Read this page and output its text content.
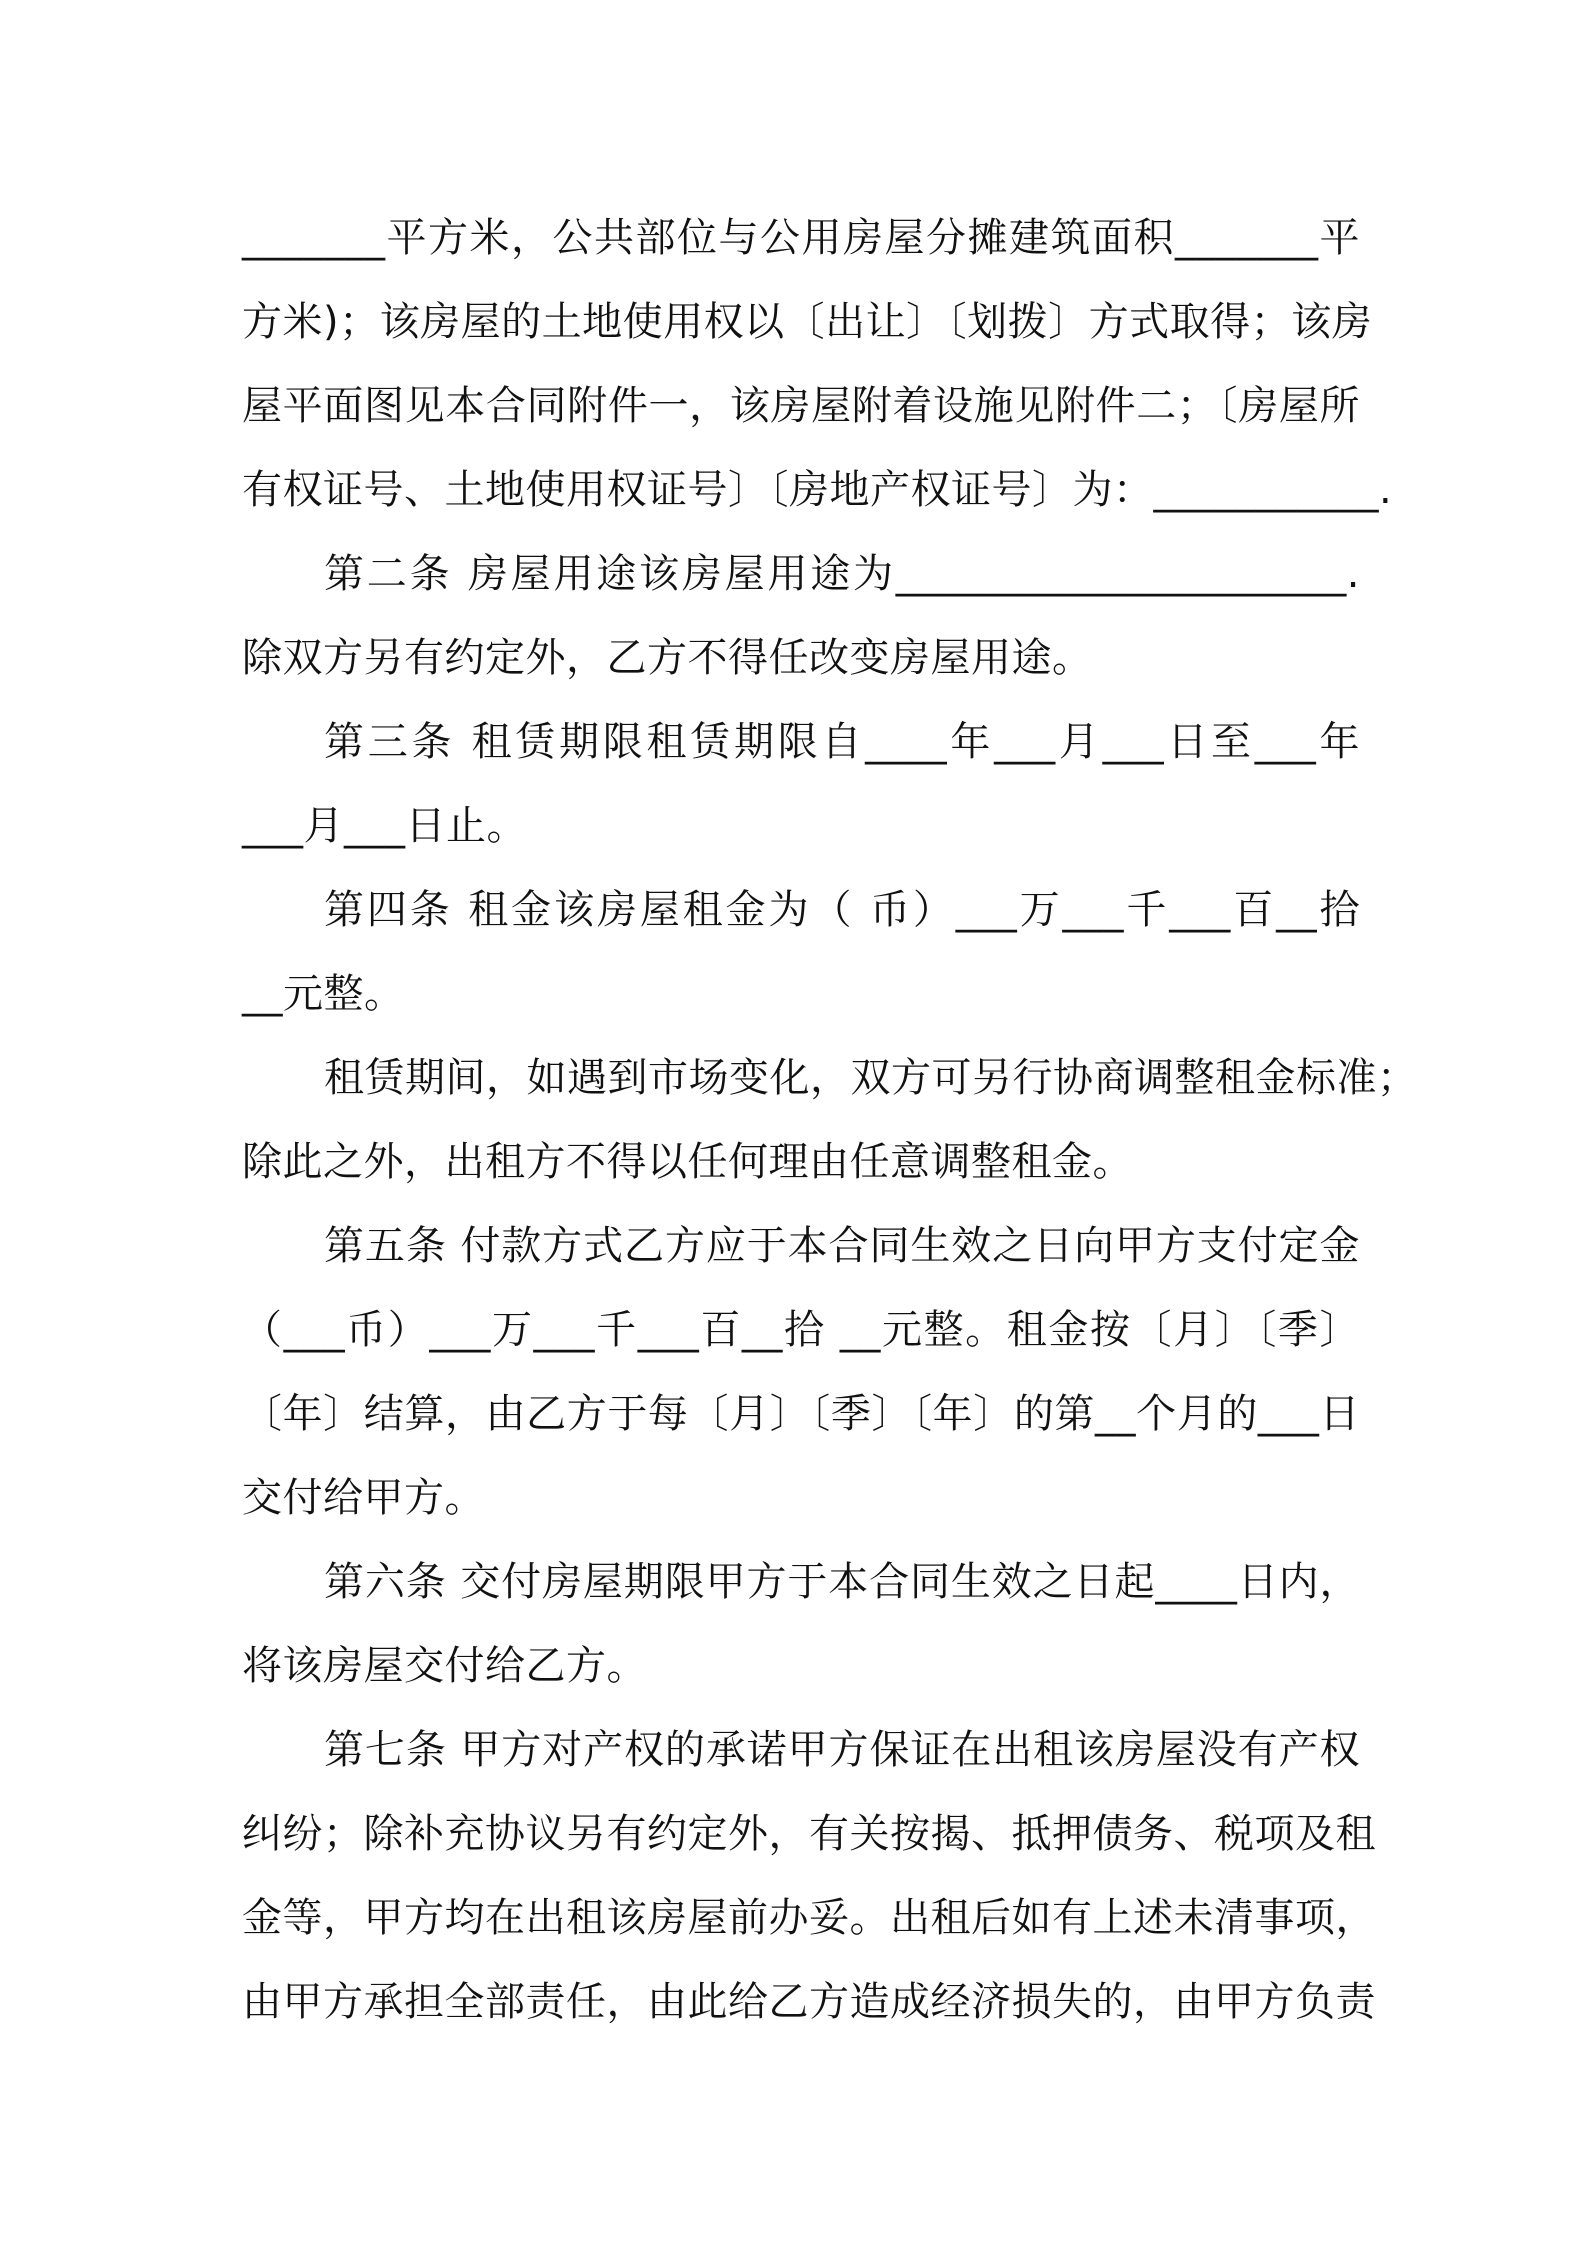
_______平方米，公共部位与公用房屋分摊建筑面积_______平
方米)；该房屋的土地使用权以〔出让〕〔划拨〕方式取得；该房
屋平面图见本合同附件一，该房屋附着设施见附件二；〔房屋所
有权证号、土地使用权证号〕〔房地产权证号〕为：___________.
第二条 房屋用途该房屋用途为______________________.
除双方另有约定外，乙方不得任改变房屋用途。
第三条 租赁期限租赁期限自____年___月___日至___年
___月___日止。
第四条 租金该房屋租金为（ 币）___万___千___百__拾
__元整。
租赁期间，如遇到市场变化，双方可另行协商调整租金标准；
除此之外，出租方不得以任何理由任意调整租金。
第五条 付款方式乙方应于本合同生效之日向甲方支付定金
（___币）___万___千___百__拾 __元整。租金按〔月〕〔季〕
〔年〕结算，由乙方于每〔月〕〔季〕〔年〕的第__个月的___日
交付给甲方。
第六条 交付房屋期限甲方于本合同生效之日起____日内，
将该房屋交付给乙方。
第七条 甲方对产权的承诺甲方保证在出租该房屋没有产权
纠纷；除补充协议另有约定外，有关按揭、抵押债务、税项及租
金等，甲方均在出租该房屋前办妥。出租后如有上述未清事项，
由甲方承担全部责任，由此给乙方造成经济损失的，由甲方负责
